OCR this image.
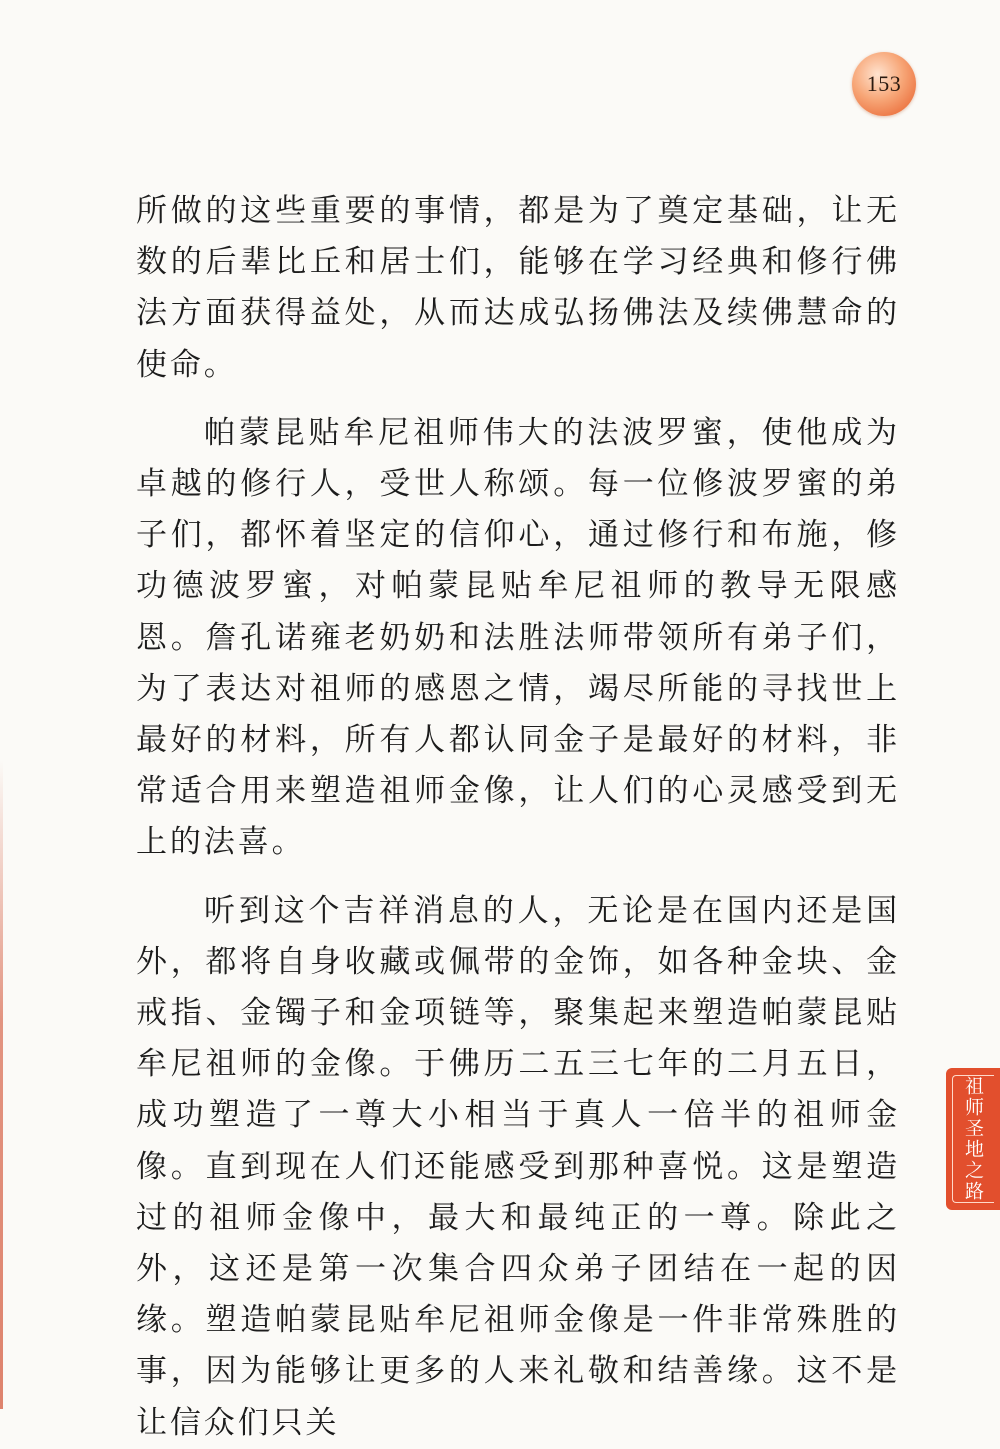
153

所做的这些重要的事情，都是为了奠定基础，让无数的后辈比丘和居士们，能够在学习经典和修行佛法方面获得益处，从而达成弘扬佛法及续佛慧命的使命。

帕蒙昆贴牟尼祖师伟大的法波罗蜜，使他成为卓越的修行人，受世人称颂。每一位修波罗蜜的弟子们，都怀着坚定的信仰心，通过修行和布施，修功德波罗蜜，对帕蒙昆贴牟尼祖师的教导无限感恩。詹孔诺雍老奶奶和法胜法师带领所有弟子们，为了表达对祖师的感恩之情，竭尽所能的寻找世上最好的材料，所有人都认同金子是最好的材料，非常适合用来塑造祖师金像，让人们的心灵感受到无上的法喜。

听到这个吉祥消息的人，无论是在国内还是国外，都将自身收藏或佩带的金饰，如各种金块、金戒指、金镯子和金项链等，聚集起来塑造帕蒙昆贴牟尼祖师的金像。于佛历二五三七年的二月五日，成功塑造了一尊大小相当于真人一倍半的祖师金像。直到现在人们还能感受到那种喜悦。这是塑造过的祖师金像中，最大和最纯正的一尊。除此之外，这还是第一次集合四众弟子团结在一起的因缘。塑造帕蒙昆贴牟尼祖师金像是一件非常殊胜的事，因为能够让更多的人来礼敬和结善缘。这不是让信众们只关

祖师圣地之路
